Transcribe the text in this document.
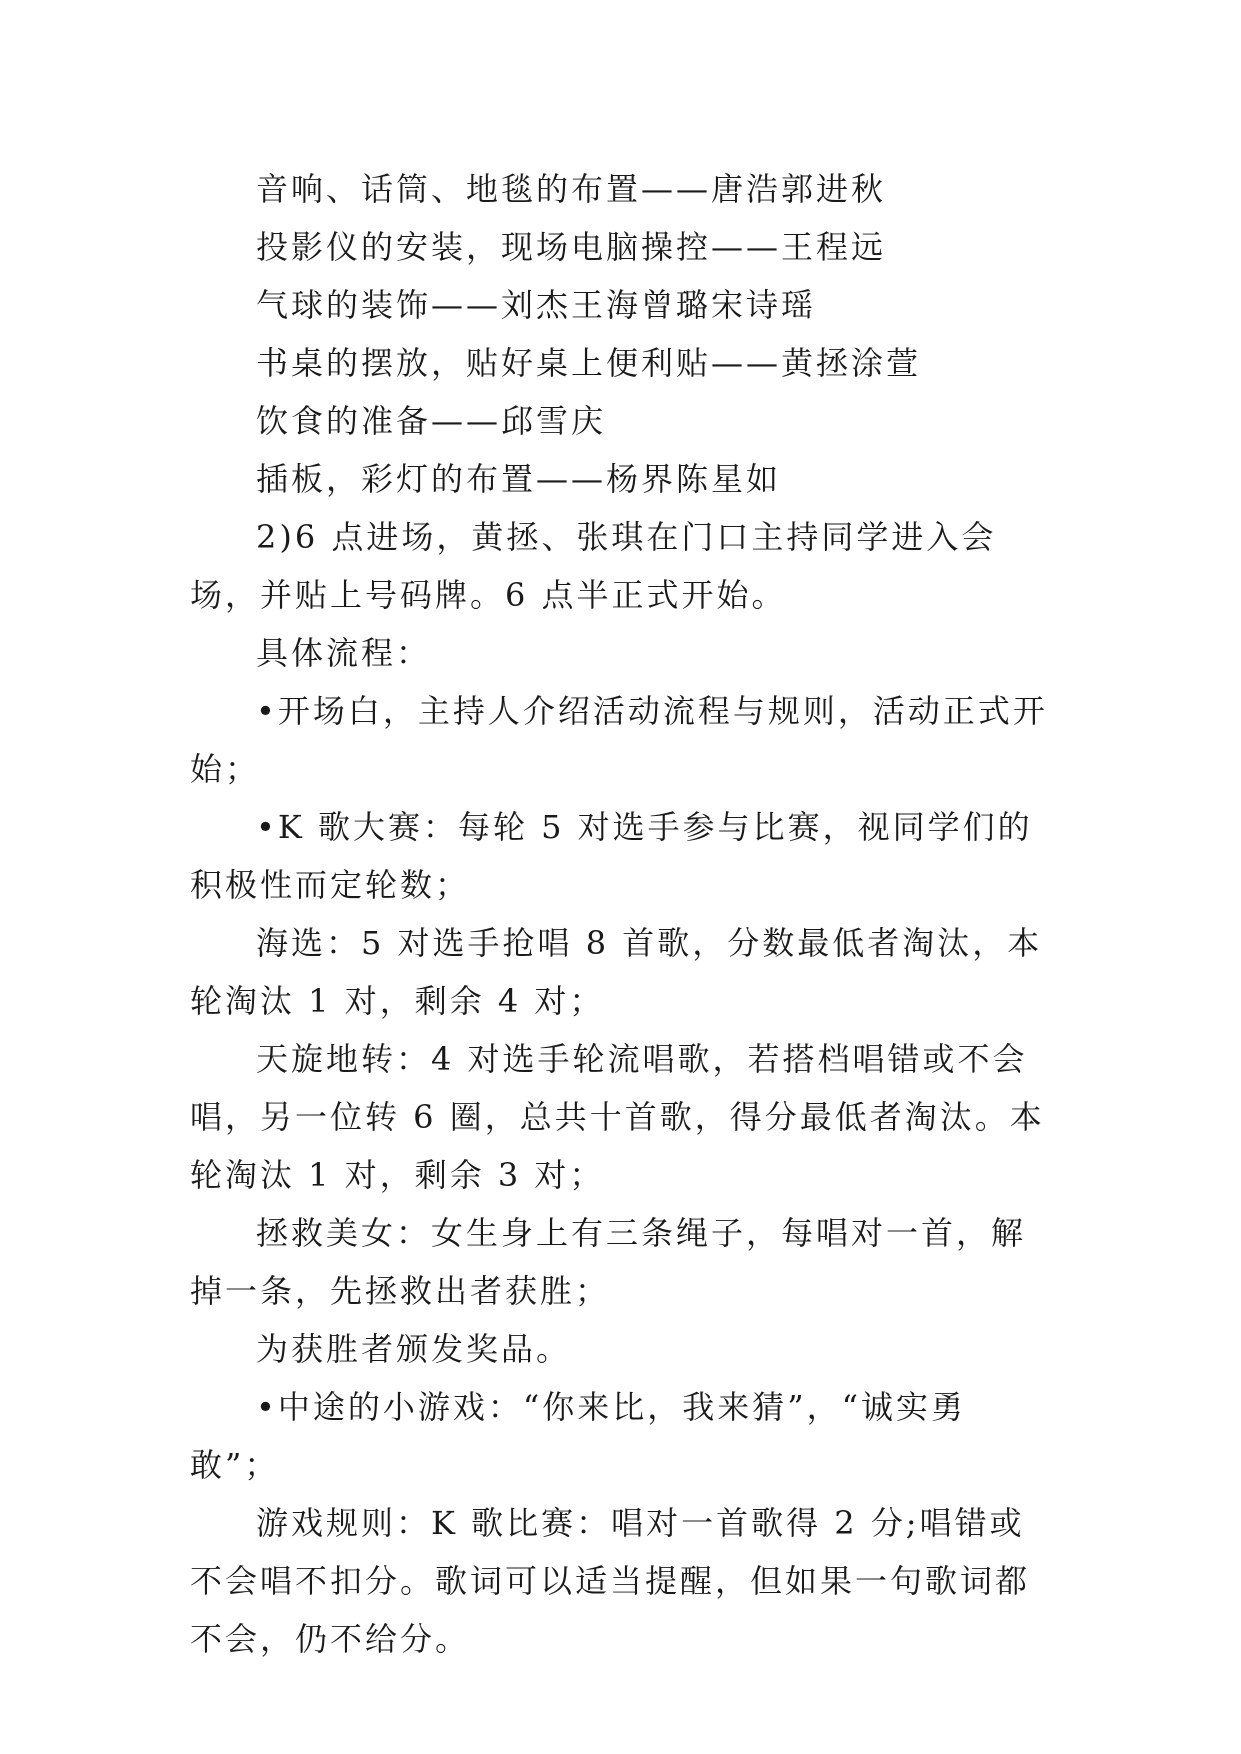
音响、话筒、地毯的布置——唐浩郭进秋

投影仪的安装，现场电脑操控——王程远

气球的装饰——刘杰王海曾璐宋诗瑶

书桌的摆放，贴好桌上便利贴——黄拯涂萱

饮食的准备——邱雪庆

插板，彩灯的布置——杨界陈星如

2)6 点进场，黄拯、张琪在门口主持同学进入会场，并贴上号码牌。6 点半正式开始。

具体流程：

•开场白，主持人介绍活动流程与规则，活动正式开始；

•K 歌大赛：每轮 5 对选手参与比赛，视同学们的积极性而定轮数；

海选：5 对选手抢唱 8 首歌，分数最低者淘汰，本轮淘汰 1 对，剩余 4 对；

天旋地转：4 对选手轮流唱歌，若搭档唱错或不会唱，另一位转 6 圈，总共十首歌，得分最低者淘汰。本轮淘汰 1 对，剩余 3 对；

拯救美女：女生身上有三条绳子，每唱对一首，解掉一条，先拯救出者获胜；

为获胜者颁发奖品。

•中途的小游戏：“你来比，我来猜”，“诚实勇敢”；

游戏规则：K 歌比赛：唱对一首歌得 2 分;唱错或不会唱不扣分。歌词可以适当提醒，但如果一句歌词都不会，仍不给分。
